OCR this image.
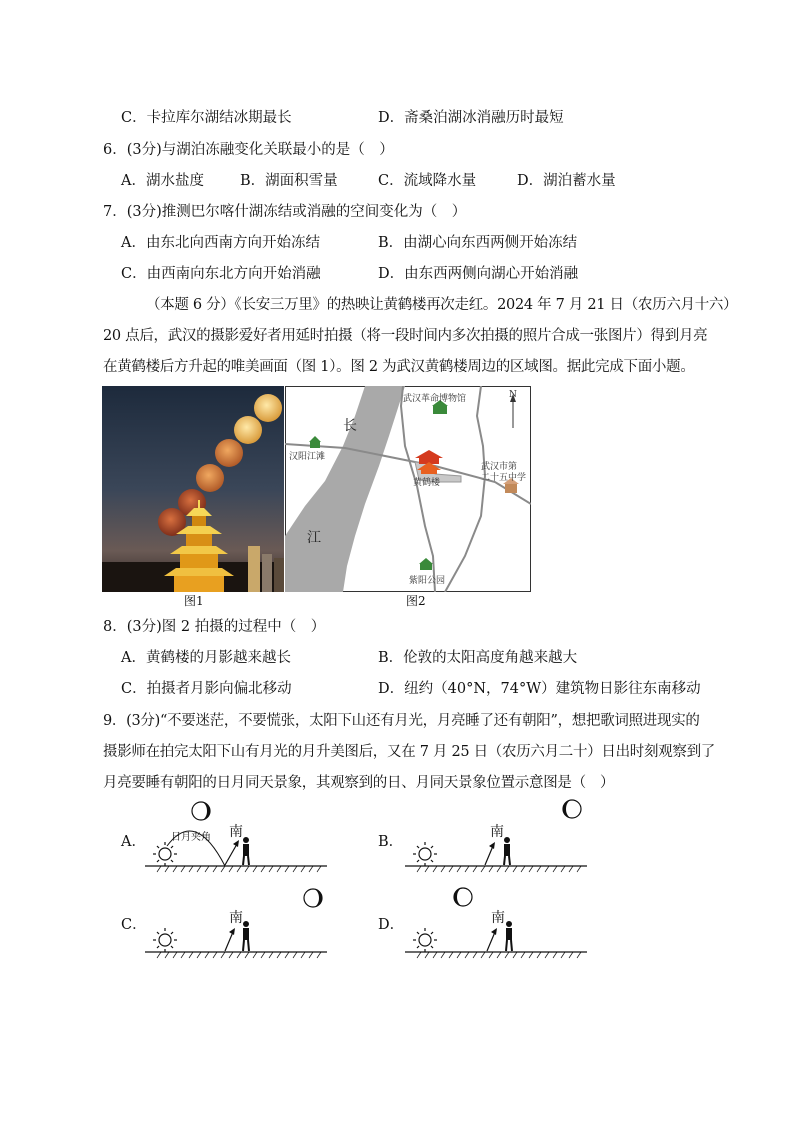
C．卡拉库尔湖结冰期最长	D．斋桑泊湖冰消融历时最短
6．(3分)与湖泊冻融变化关联最小的是（　）
A．湖水盐度 B．湖面积雪量	C．流域降水量	D．湖泊蓄水量
7．(3分)推测巴尔喀什湖冻结或消融的空间变化为（　）
A．由东北向西南方向开始冻结	B．由湖心向东西两侧开始冻结
C．由西南向东北方向开始消融	D．由东西两侧向湖心开始消融
（本题 6 分）《长安三万里》的热映让黄鹤楼再次走红。2024 年 7 月 21 日（农历六月十六）
20 点后，武汉的摄影爱好者用延时拍摄（将一段时间内多次拍摄的照片合成一张图片）得到月亮
在黄鹤楼后方升起的唯美画面（图 1）。图 2 为武汉黄鹤楼周边的区域图。据此完成下面小题。
武汉革命博物馆
汉阳江滩
长
江
黄鹤楼
武汉市第
二十五中学
紫阳公园
N
图1	图2
8．(3分)图 2 拍摄的过程中（　）
A．黄鹤楼的月影越来越长	B．伦敦的太阳高度角越来越大
C．拍摄者月影向偏北移动	D．纽约（40°N，74°W）建筑物日影往东南移动
9．(3分)“不要迷茫，不要慌张，太阳下山还有月光，月亮睡了还有朝阳”，想把歌词照进现实的
摄影师在拍完太阳下山有月光的月升美图后，又在 7 月 25 日（农历六月二十）日出时刻观察到了
月亮要睡有朝阳的日月同天景象，其观察到的日、月同天景象位置示意图是（　）
A．	B．
C．	D．
日月夹角 南	南
南	南
